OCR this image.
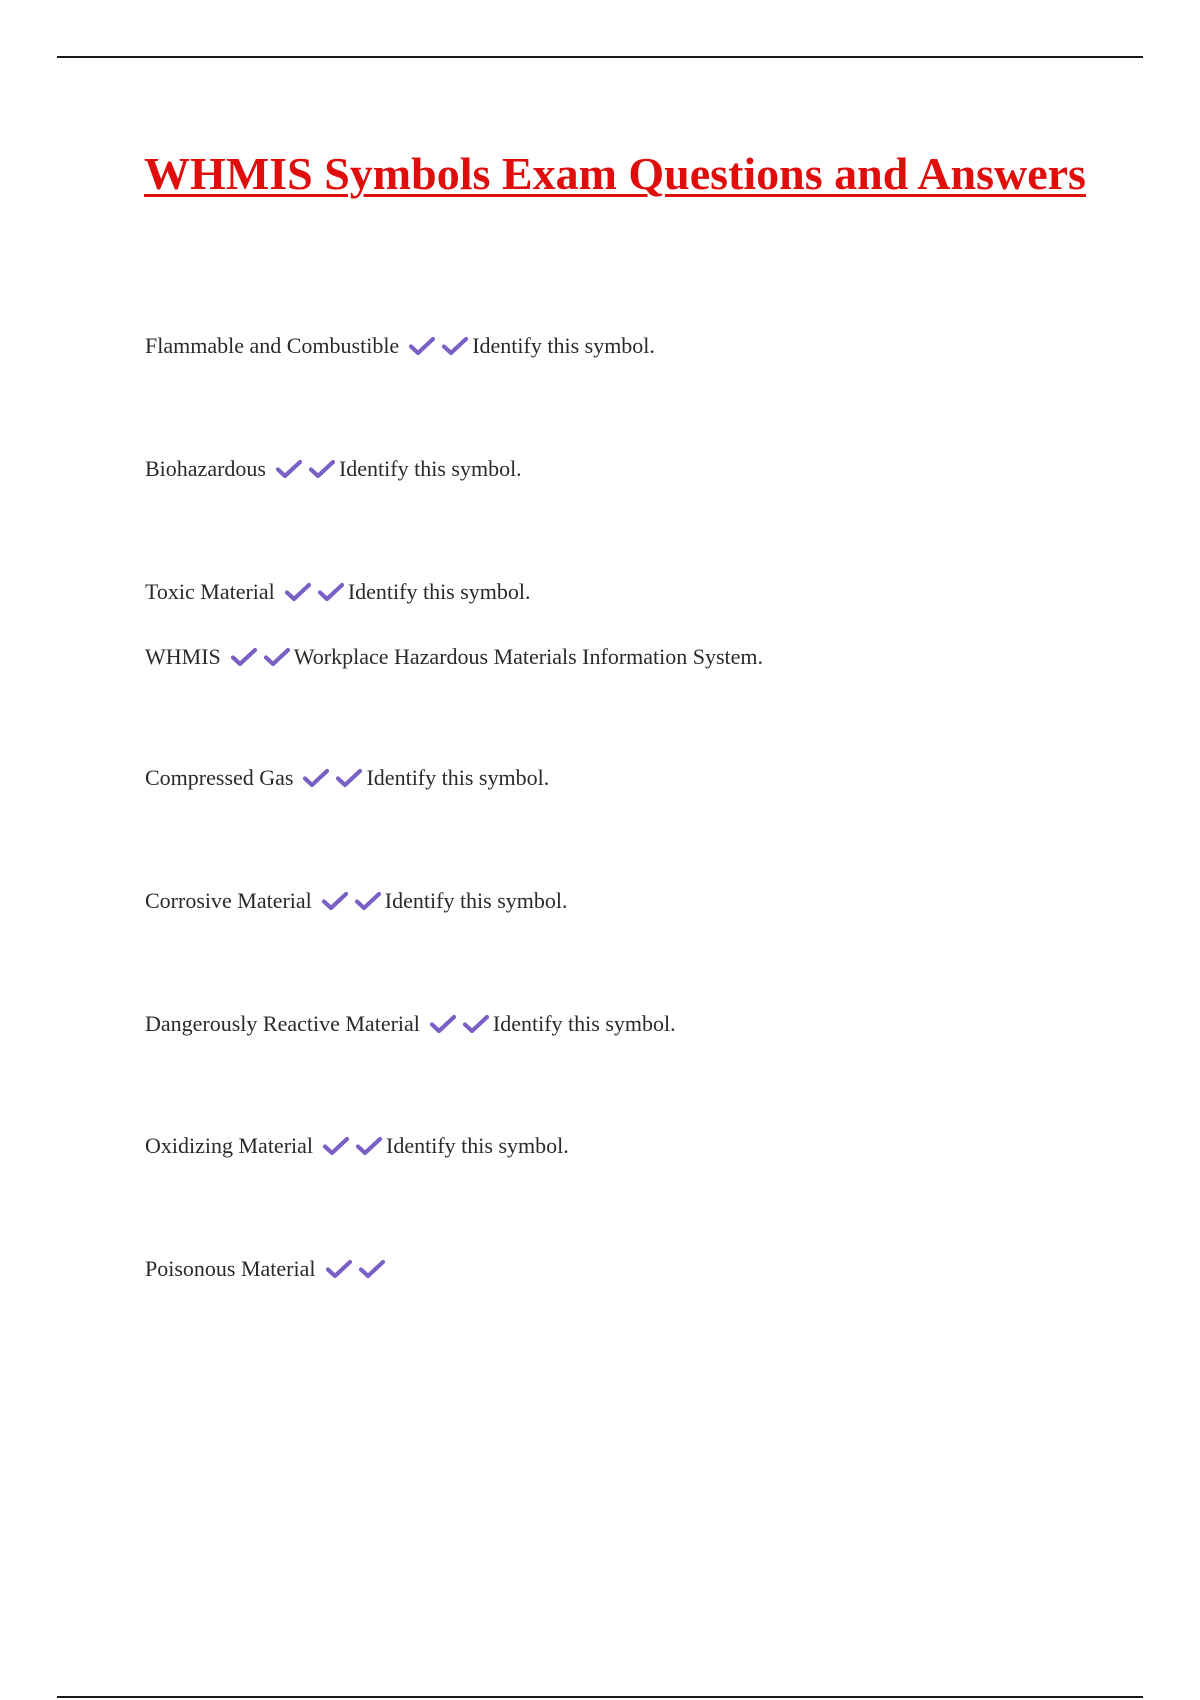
WHMIS Symbols Exam Questions and Answers

Flammable and Combustible	Identify this symbol.

Biohazardous	Identify this symbol.

Toxic Material	Identify this symbol.

WHMIS	Workplace Hazardous Materials Information System.

Compressed Gas	Identify this symbol.

Corrosive Material	Identify this symbol.

Dangerously Reactive Material	Identify this symbol.

Oxidizing Material	Identify this symbol.

Poisonous Material
